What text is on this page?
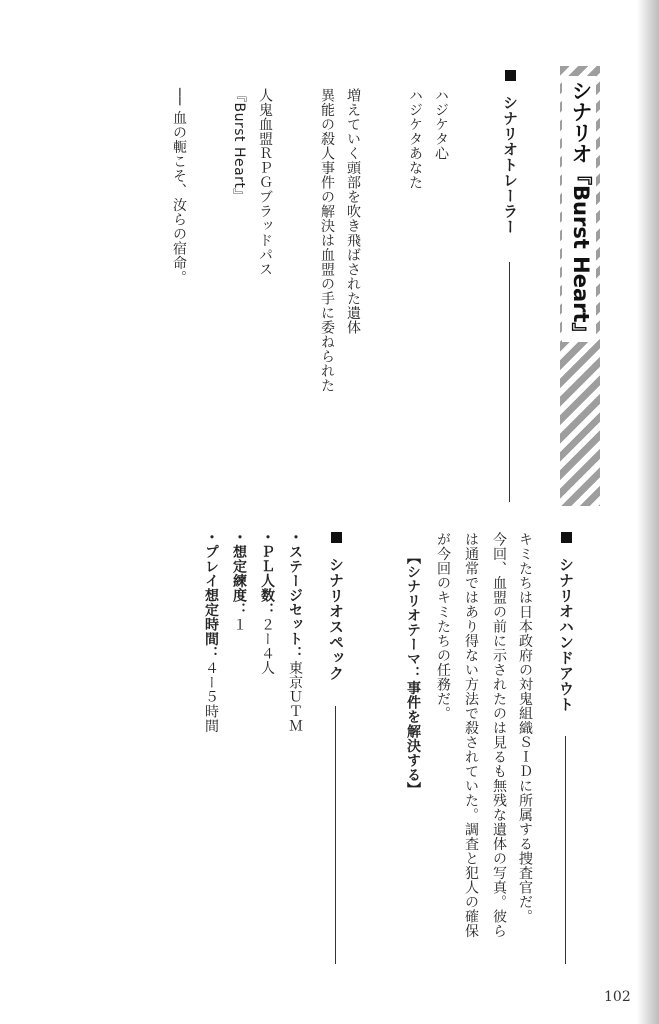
シナリオ『Burst Heart』
シナリオトレーラー
ハジケタ心
ハジケタあなた
増えていく頭部を吹き飛ばされた遺体
異能の殺人事件の解決は血盟の手に委ねられた
人鬼血盟ＲＰＧブラッドパス
『Burst Heart』
── 血の軛こそ、汝らの宿命。
シナリオハンドアウト
キミたちは日本政府の対鬼組織ＳＩＤに所属する捜査官だ。
今回、血盟の前に示されたのは見るも無残な遺体の写真。彼ら
は通常ではあり得ない方法で殺されていた。調査と犯人の確保
が今回のキミたちの任務だ。
【シナリオテーマ：事件を解決する】
シナリオスペック
・ステージセット：東京ＵＴＭ
・ＰＬ人数：２ー４人
・想定練度：１
・プレイ想定時間：４ー５時間
102
